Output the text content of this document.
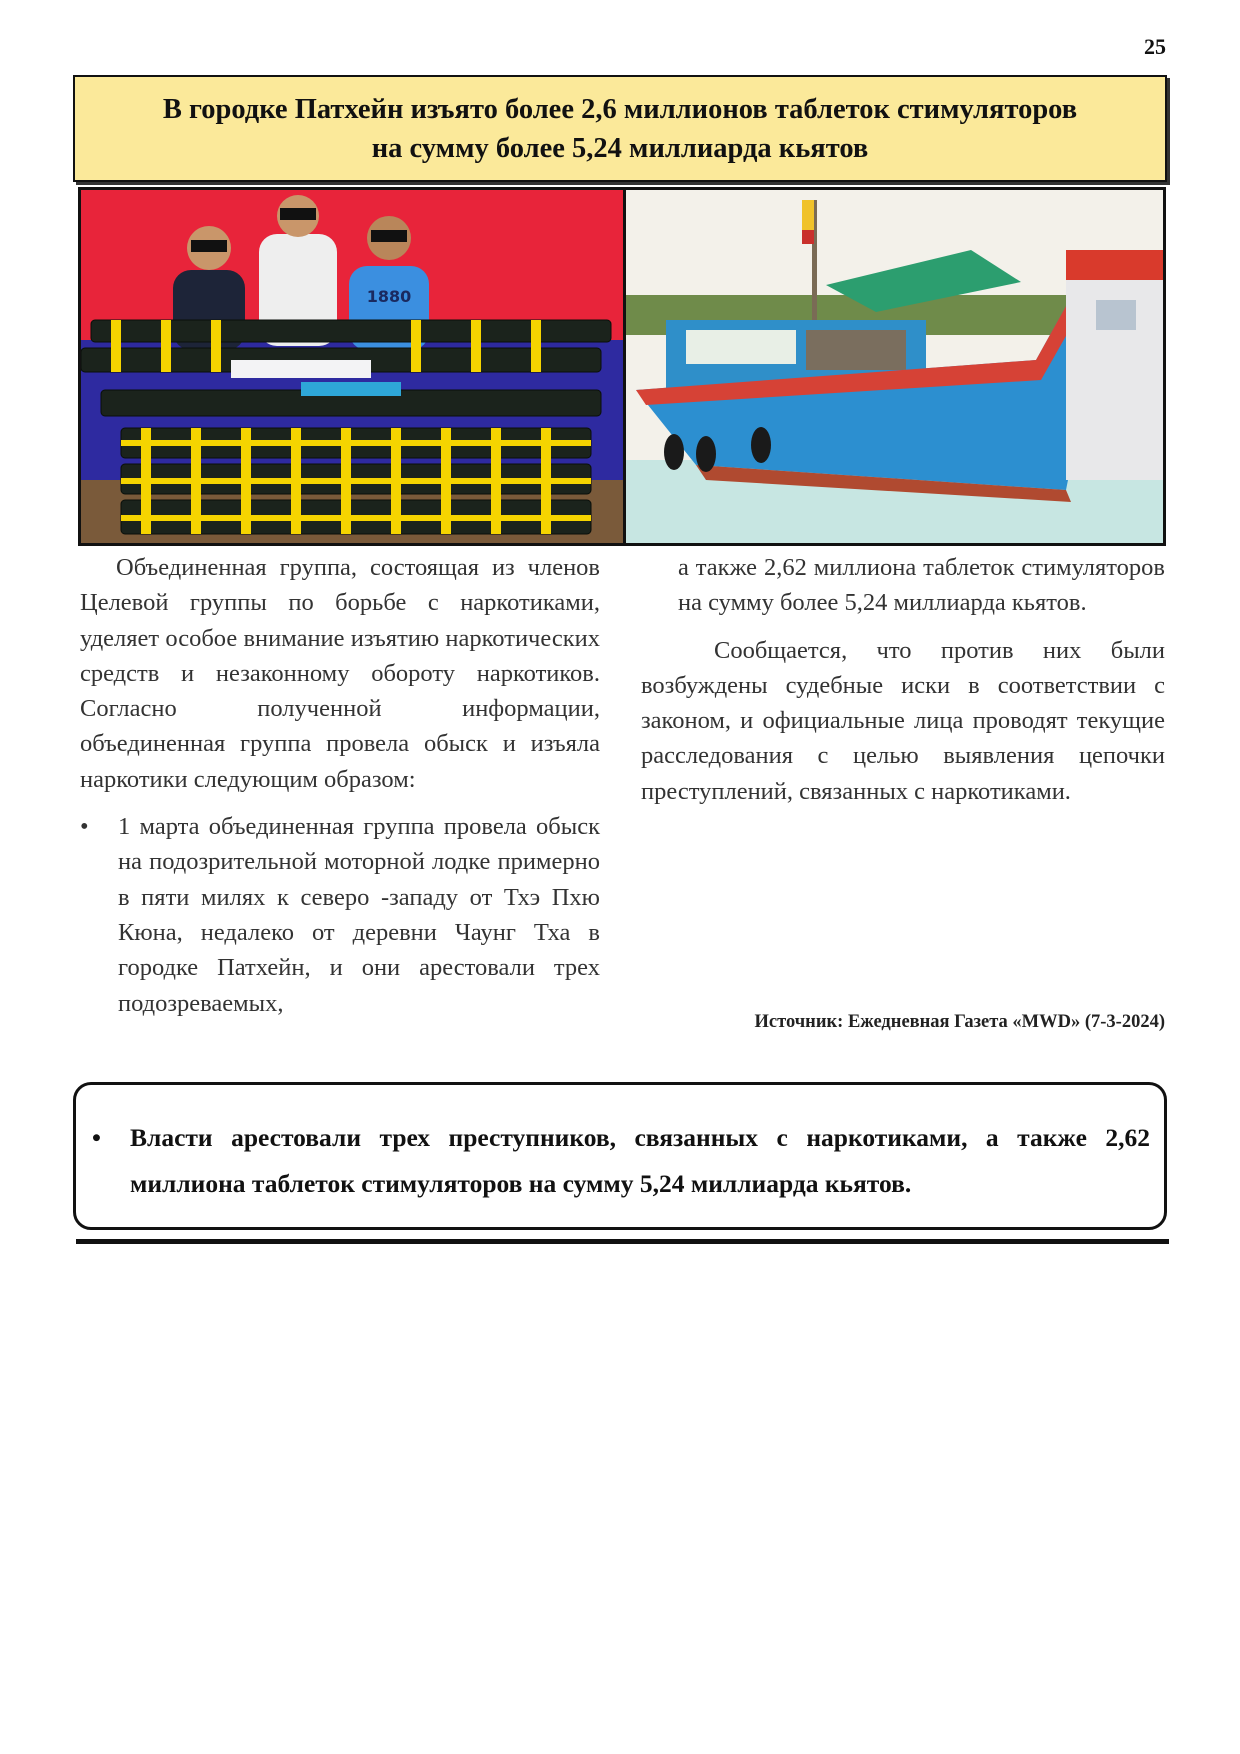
25
В городке Патхейн изъято более 2,6 миллионов таблеток стимуляторов
на сумму более 5,24 миллиарда кьятов
1880

Объединенная группа, состоящая из членов Целевой группы по борьбе с наркотиками, уделяет особое внимание изъятию наркотических средств и незаконному обороту наркотиков. Согласно полученной информации, объединенная группа провела обыск и изъяла наркотики следующим образом:

• 1 марта объединенная группа провела обыск на подозрительной моторной лодке примерно в пяти милях к северо -западу от Тхэ Пхю Кюна, недалеко от деревни Чаунг Тха в городке Патхейн, и они арестовали трех подозреваемых,

а также 2,62 миллиона таблеток стимуляторов на сумму более 5,24 миллиарда кьятов.

Сообщается, что против них были возбуждены судебные иски в соответствии с законом, и официальные лица проводят текущие расследования с целью выявления цепочки преступлений, связанных с наркотиками.

Источник: Ежедневная Газета «MWD» (7-3-2024)
• Власти арестовали трех преступников, связанных с наркотиками, а также 2,62 миллиона таблеток стимуляторов на сумму 5,24 миллиарда кьятов.
